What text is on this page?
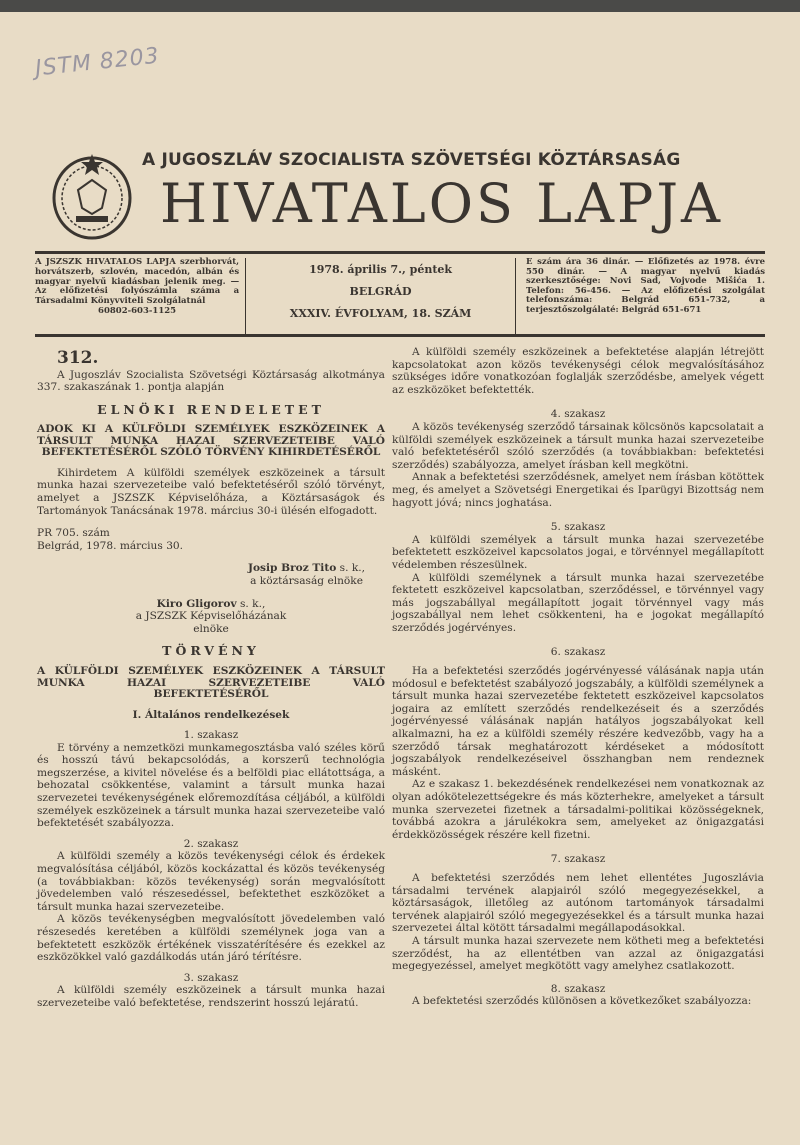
JSTM 8203
A JUGOSZLÁV SZOCIALISTA SZÖVETSÉGI KÖZTÁRSASÁG
HIVATALOS LAPJA
A JSZSZK HIVATALOS LAPJA szerbhorvát, horvátszerb, szlovén, macedón, albán és magyar nyelvű kiadásban jelenik meg. — Az előfizetési folyószámla száma a Társadalmi Könyvviteli Szolgálatnál
60802-603-1125
1978. április 7., péntek
BELGRÁD
XXXIV. ÉVFOLYAM, 18. SZÁM
E szám ára 36 dinár. — Előfizetés az 1978. évre 550 dinár. — A magyar nyelvű kiadás szerkesztősége: Novi Sad, Vojvode Mišića 1. Telefon: 56-456. — Az előfizetési szolgálat telefonszáma: Belgrád 651-732, a terjesztőszolgálaté: Belgrád 651-671
312.

A Jugoszláv Szocialista Szövetségi Köztársaság alkotmánya 337. szakaszának 1. pontja alapján

ELNÖKI RENDELETET
ADOK KI A KÜLFÖLDI SZEMÉLYEK ESZKÖZEINEK A TÁRSULT MUNKA HAZAI SZERVEZETEIBE VALÓ BEFEKTETÉSÉRŐL SZÓLÓ TÖRVÉNY KIHIRDETÉSÉRŐL

Kihirdetem A külföldi személyek eszközeinek a társult munka hazai szervezeteibe való befektetéséről szóló törvényt, amelyet a JSZSZK Képviselőháza, a Köztársaságok és Tartományok Tanácsának 1978. március 30-i ülésén elfogadott.

PR 705. szám
Belgrád, 1978. március 30.
Josip Broz Tito s. k.,
a köztársaság elnöke
Kiro Gligorov s. k.,
a JSZSZK Képviselőházának
elnöke
TÖRVÉNY
A KÜLFÖLDI SZEMÉLYEK ESZKÖZEINEK A TÁRSULT MUNKA HAZAI SZERVEZETEIBE VALÓ BEFEKTETÉSÉRŐL
I. Általános rendelkezések
1. szakasz

E törvény a nemzetközi munkamegosztásba való széles körű és hosszú távú bekapcsolódás, a korszerű technológia megszerzése, a kivitel növelése és a belföldi piac ellátottsága, a behozatal csökkentése, valamint a társult munka hazai szervezetei tevékenységének előremozdítása céljából, a külföldi személyek eszközeinek a társult munka hazai szervezeteibe való befektetését szabályozza.

2. szakasz

A külföldi személy a közös tevékenységi célok és érdekek megvalósítása céljából, közös kockázattal és közös tevékenység (a továbbiakban: közös tevékenység) során megvalósított jövedelemben való részesedéssel, befektethet eszközöket a társult munka hazai szervezeteibe.

A közös tevékenységben megvalósított jövedelemben való részesedés keretében a külföldi személynek joga van a befektetett eszközök értékének visszatérítésére és ezekkel az eszközökkel való gazdálkodás után járó térítésre.

3. szakasz

A külföldi személy eszközeinek a társult munka hazai szervezeteibe való befektetése, rendszerint hosszú lejáratú.

A külföldi személy eszközeinek a befektetése alapján létrejött kapcsolatokat azon közös tevékenységi célok megvalósításához szükséges időre vonatkozóan foglalják szerződésbe, amelyek végett az eszközöket befektették.

4. szakasz

A közös tevékenység szerződő társainak kölcsönös kapcsolatait a külföldi személyek eszközeinek a társult munka hazai szervezeteibe való befektetéséről szóló szerződés (a továbbiakban: befektetési szerződés) szabályozza, amelyet írásban kell megkötni.

Annak a befektetési szerződésnek, amelyet nem írásban kötöttek meg, és amelyet a Szövetségi Energetikai és Iparügyi Bizottság nem hagyott jóvá; nincs joghatása.

5. szakasz

A külföldi személyek a társult munka hazai szervezetébe befektetett eszközeivel kapcsolatos jogai, e törvénnyel megállapított védelemben részesülnek.

A külföldi személynek a társult munka hazai szervezetébe fektetett eszközeivel kapcsolatban, szerződéssel, e törvénnyel vagy más jogszabállyal megállapított jogait törvénnyel vagy más jogszabállyal nem lehet csökkenteni, ha e jogokat megállapító szerződés jogérvényes.

6. szakasz

Ha a befektetési szerződés jogérvényessé válásának napja után módosul e befektetést szabályozó jogszabály, a külföldi személynek a társult munka hazai szervezetébe fektetett eszközeivel kapcsolatos jogaira az említett szerződés rendelkezéseit és a szerződés jogérvényessé válásának napján hatályos jogszabályokat kell alkalmazni, ha ez a külföldi személy részére kedvezőbb, vagy ha a szerződő társak meghatározott kérdéseket a módosított jogszabályok rendelkezéseivel összhangban nem rendeznek másként.

Az e szakasz 1. bekezdésének rendelkezései nem vonatkoznak az olyan adókötelezettségekre és más közterhekre, amelyeket a társult munka szervezetei fizetnek a társadalmi-politikai közösségeknek, továbbá azokra a járulékokra sem, amelyeket az önigazgatási érdekközösségek részére kell fizetni.

7. szakasz

A befektetési szerződés nem lehet ellentétes Jugoszlávia társadalmi tervének alapjairól szóló megegyezésekkel, a köztársaságok, illetőleg az autónom tartományok társadalmi tervének alapjairól szóló megegyezésekkel és a társult munka hazai szervezetei által kötött társadalmi megállapodásokkal.

A társult munka hazai szervezete nem kötheti meg a befektetési szerződést, ha az ellentétben van azzal az önigazgatási megegyezéssel, amelyet megkötött vagy amelyhez csatlakozott.

8. szakasz

A befektetési szerződés különösen a következőket szabályozza:
